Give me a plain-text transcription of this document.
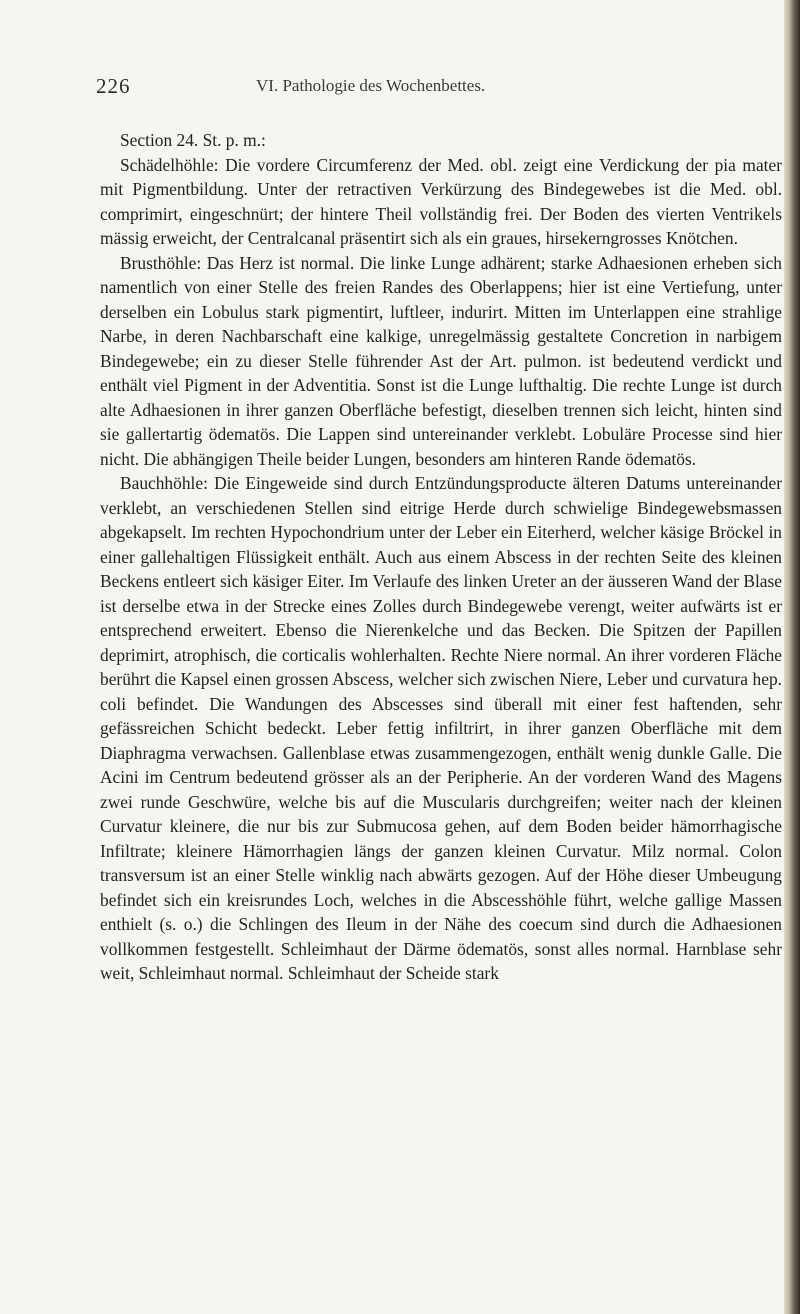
226	VI. Pathologie des Wochenbettes.

Section 24. St. p. m.:

Schädelhöhle: Die vordere Circumferenz der Med. obl. zeigt eine Verdickung der pia mater mit Pigmentbildung. Unter der retractiven Verkürzung des Bindegewebes ist die Med. obl. comprimirt, eingeschnürt; der hintere Theil vollständig frei. Der Boden des vierten Ventrikels mässig erweicht, der Centralcanal präsentirt sich als ein graues, hirsekerngrosses Knötchen.

Brusthöhle: Das Herz ist normal. Die linke Lunge adhärent; starke Adhaesionen erheben sich namentlich von einer Stelle des freien Randes des Oberlappens; hier ist eine Vertiefung, unter derselben ein Lobulus stark pigmentirt, luftleer, indurirt. Mitten im Unterlappen eine strahlige Narbe, in deren Nachbarschaft eine kalkige, unregelmässig gestaltete Concretion in narbigem Bindegewebe; ein zu dieser Stelle führender Ast der Art. pulmon. ist bedeutend verdickt und enthält viel Pigment in der Adventitia. Sonst ist die Lunge lufthaltig. Die rechte Lunge ist durch alte Adhaesionen in ihrer ganzen Oberfläche befestigt, dieselben trennen sich leicht, hinten sind sie gallertartig ödematös. Die Lappen sind untereinander verklebt. Lobuläre Processe sind hier nicht. Die abhängigen Theile beider Lungen, besonders am hinteren Rande ödematös.

Bauchhöhle: Die Eingeweide sind durch Entzündungsproducte älteren Datums untereinander verklebt, an verschiedenen Stellen sind eitrige Herde durch schwielige Bindegewebsmassen abgekapselt. Im rechten Hypochondrium unter der Leber ein Eiterherd, welcher käsige Bröckel in einer gallehaltigen Flüssigkeit enthält. Auch aus einem Abscess in der rechten Seite des kleinen Beckens entleert sich käsiger Eiter. Im Verlaufe des linken Ureter an der äusseren Wand der Blase ist derselbe etwa in der Strecke eines Zolles durch Bindegewebe verengt, weiter aufwärts ist er entsprechend erweitert. Ebenso die Nierenkelche und das Becken. Die Spitzen der Papillen deprimirt, atrophisch, die corticalis wohlerhalten. Rechte Niere normal. An ihrer vorderen Fläche berührt die Kapsel einen grossen Abscess, welcher sich zwischen Niere, Leber und curvatura hep. coli befindet. Die Wandungen des Abscesses sind überall mit einer fest haftenden, sehr gefässreichen Schicht bedeckt. Leber fettig infiltrirt, in ihrer ganzen Oberfläche mit dem Diaphragma verwachsen. Gallenblase etwas zusammengezogen, enthält wenig dunkle Galle. Die Acini im Centrum bedeutend grösser als an der Peripherie. An der vorderen Wand des Magens zwei runde Geschwüre, welche bis auf die Muscularis durchgreifen; weiter nach der kleinen Curvatur kleinere, die nur bis zur Submucosa gehen, auf dem Boden beider hämorrhagische Infiltrate; kleinere Hämorrhagien längs der ganzen kleinen Curvatur. Milz normal. Colon transversum ist an einer Stelle winklig nach abwärts gezogen. Auf der Höhe dieser Umbeugung befindet sich ein kreisrundes Loch, welches in die Abscesshöhle führt, welche gallige Massen enthielt (s. o.) die Schlingen des Ileum in der Nähe des coecum sind durch die Adhaesionen vollkommen festgestellt. Schleimhaut der Därme ödematös, sonst alles normal. Harnblase sehr weit, Schleimhaut normal. Schleimhaut der Scheide stark
